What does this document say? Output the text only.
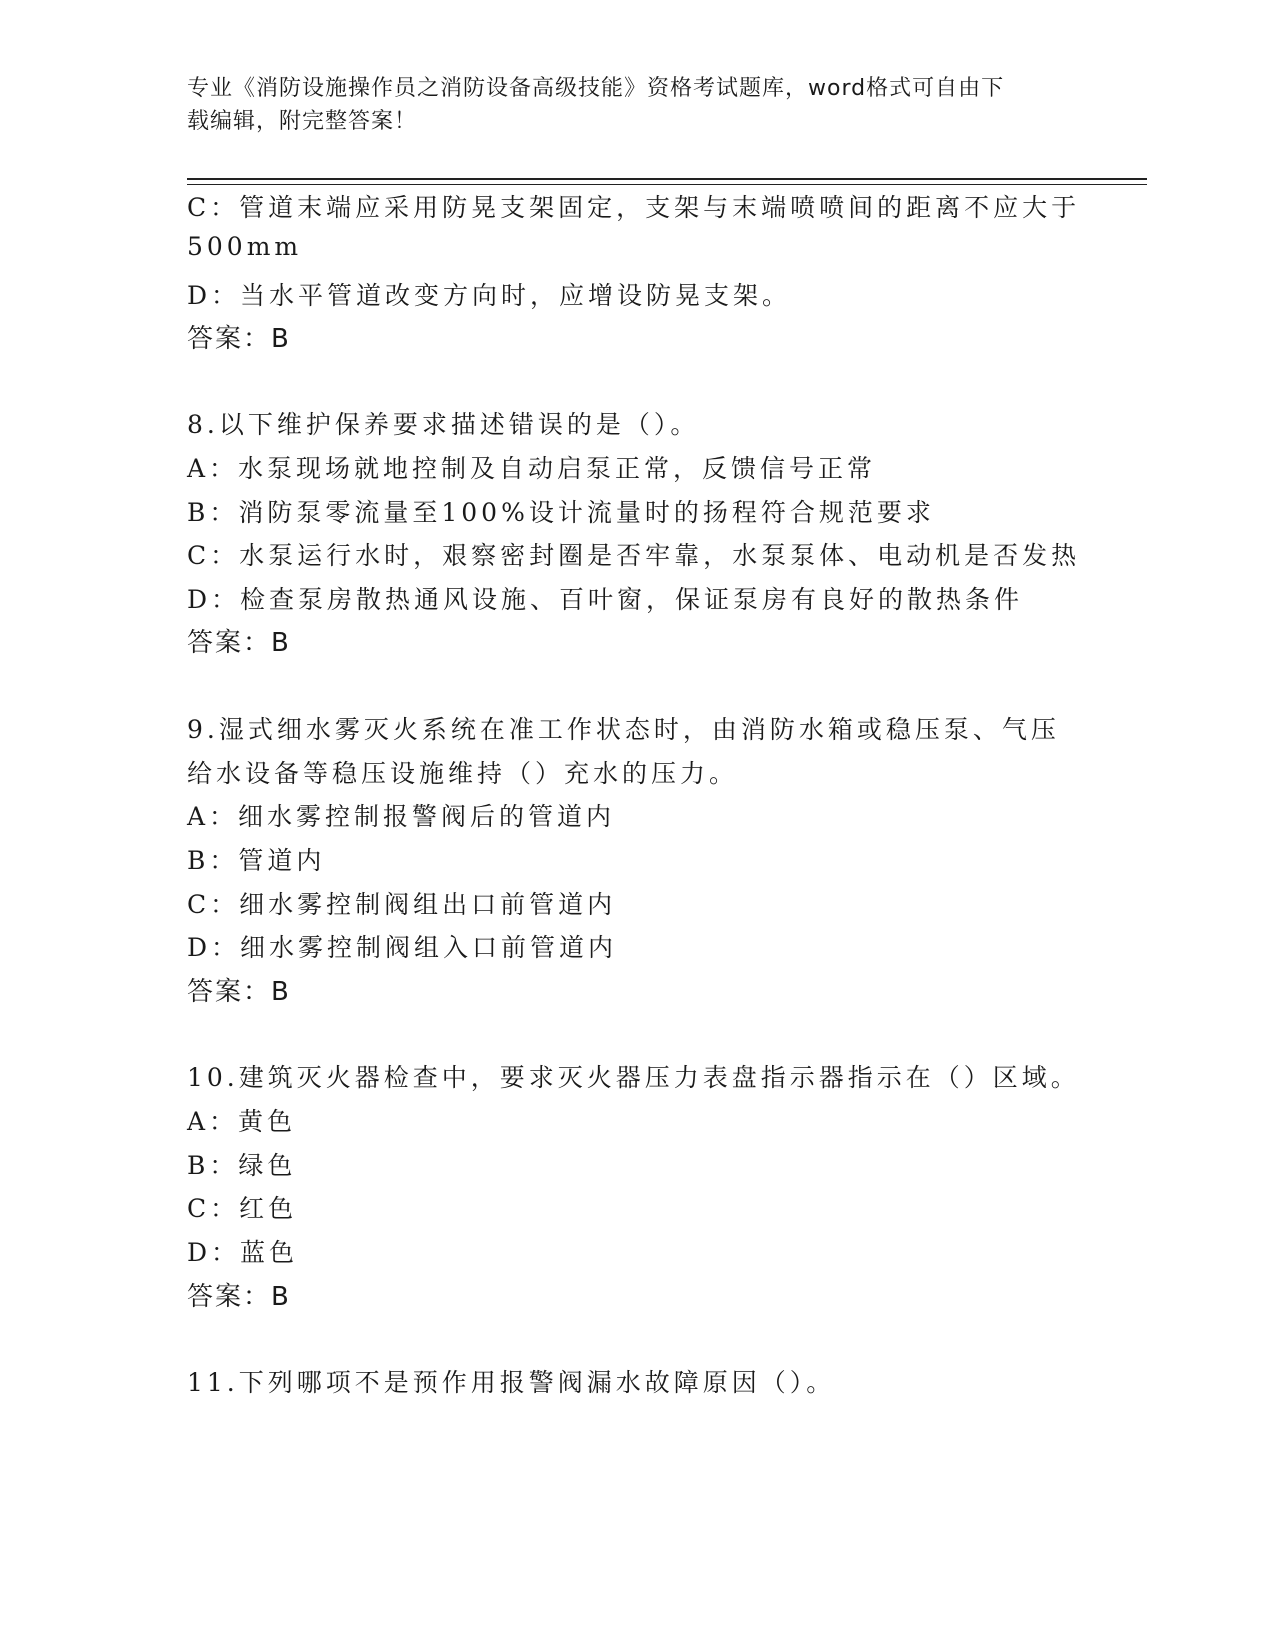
专业《消防设施操作员之消防设备高级技能》资格考试题库，word格式可自由下
载编辑，附完整答案！
C：管道末端应采用防晃支架固定，支架与末端喷喷间的距离不应大于
500mm
D：当水平管道改变方向时，应增设防晃支架。
答案：B
8.以下维护保养要求描述错误的是（）。
A：水泵现场就地控制及自动启泵正常，反馈信号正常
B：消防泵零流量至100%设计流量时的扬程符合规范要求
C：水泵运行水时，艰察密封圈是否牢靠，水泵泵体、电动机是否发热
D：检查泵房散热通风设施、百叶窗，保证泵房有良好的散热条件
答案：B
9.湿式细水雾灭火系统在准工作状态时，由消防水箱或稳压泵、气压
给水设备等稳压设施维持（）充水的压力。
A：细水雾控制报警阀后的管道内
B：管道内
C：细水雾控制阀组出口前管道内
D：细水雾控制阀组入口前管道内
答案：B
10.建筑灭火器检查中，要求灭火器压力表盘指示器指示在（）区域。
A：黄色
B：绿色
C：红色
D：蓝色
答案：B
11.下列哪项不是预作用报警阀漏水故障原因（）。
